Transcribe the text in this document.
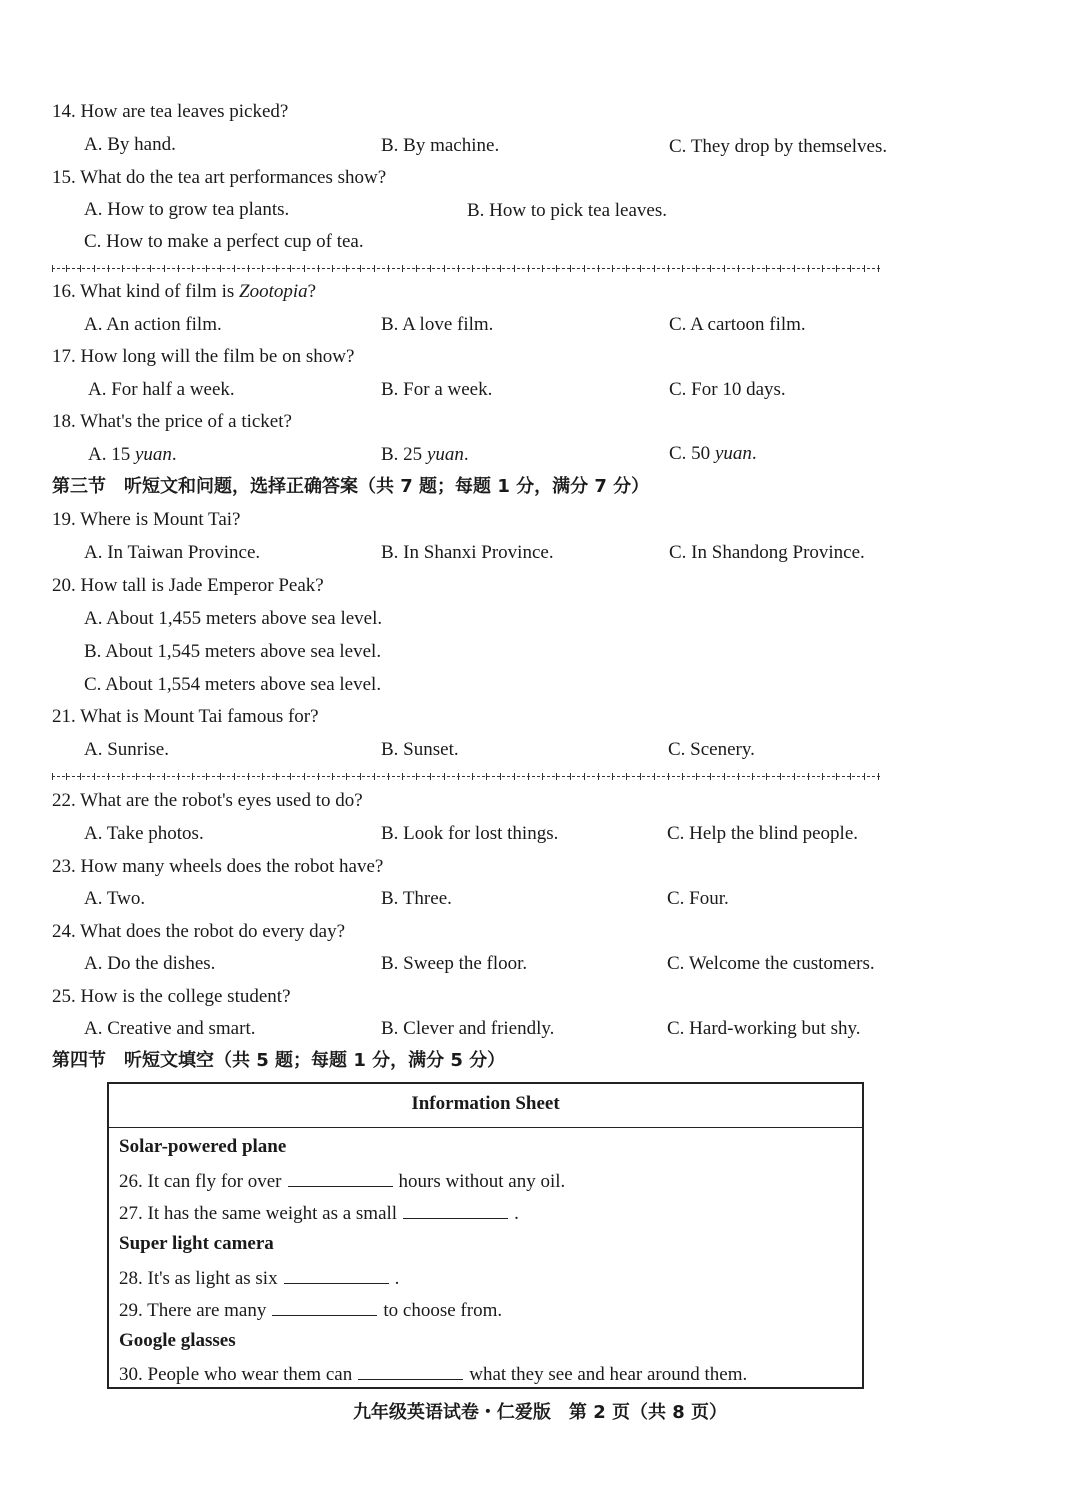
14. How are tea leaves picked?
A. By hand.	B. By machine.	C. They drop by themselves.
15. What do the tea art performances show?
A. How to grow tea plants.	B. How to pick tea leaves.
C. How to make a perfect cup of tea.
16. What kind of film is Zootopia?
A. An action film.	B. A love film.	C. A cartoon film.
17. How long will the film be on show?
A. For half a week.	B. For a week.	C. For 10 days.
18. What's the price of a ticket?
A. 15 yuan.	B. 25 yuan.	C. 50 yuan.
第三节　听短文和问题，选择正确答案（共 7 题；每题 1 分，满分 7 分）
19. Where is Mount Tai?
A. In Taiwan Province.	B. In Shanxi Province.	C. In Shandong Province.
20. How tall is Jade Emperor Peak?
A. About 1,455 meters above sea level.
B. About 1,545 meters above sea level.
C. About 1,554 meters above sea level.
21. What is Mount Tai famous for?
A. Sunrise.	B. Sunset.	C. Scenery.
22. What are the robot's eyes used to do?
A. Take photos.	B. Look for lost things.	C. Help the blind people.
23. How many wheels does the robot have?
A. Two.	B. Three.	C. Four.
24. What does the robot do every day?
A. Do the dishes.	B. Sweep the floor.	C. Welcome the customers.
25. How is the college student?
A. Creative and smart.	B. Clever and friendly.	C. Hard-working but shy.
第四节　听短文填空（共 5 题；每题 1 分，满分 5 分）
Information Sheet
Solar-powered plane
26. It can fly for over	hours without any oil.
27. It has the same weight as a small	.
Super light camera
28. It's as light as six	.
29. There are many	to choose from.
Google glasses
30. People who wear them can	what they see and hear around them.
九年级英语试卷・仁爱版　第 2 页（共 8 页）
